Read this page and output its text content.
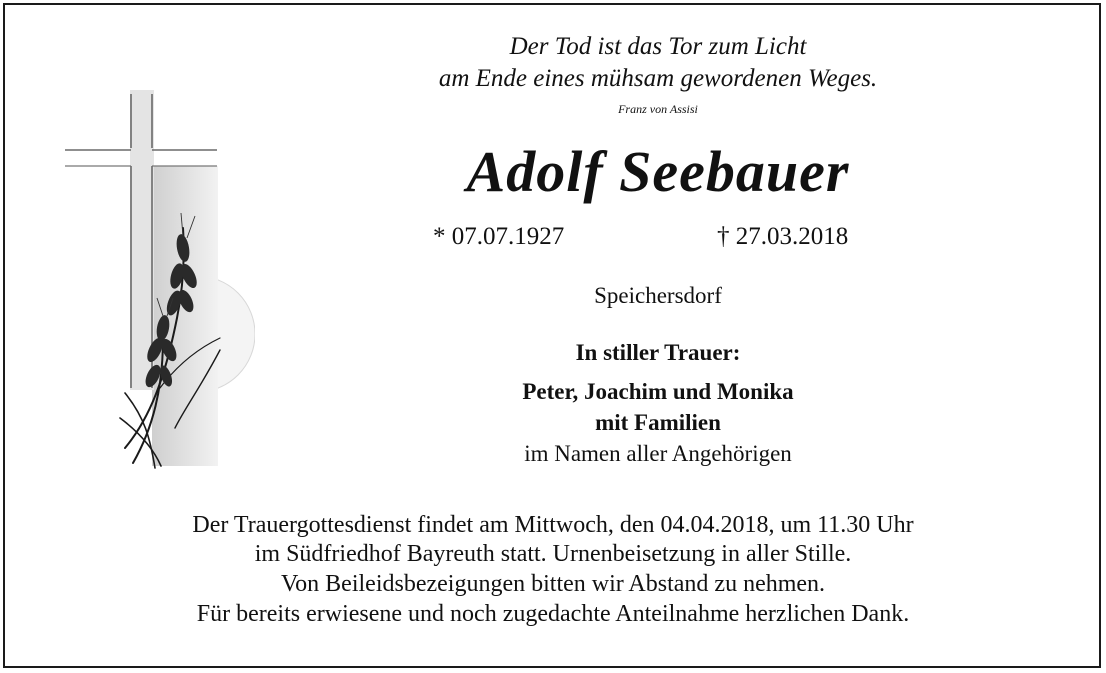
Der Tod ist das Tor zum Licht
am Ende eines mühsam gewordenen Weges.
Franz von Assisi
Adolf Seebauer
* 07.07.1927	† 27.03.2018
Speichersdorf
In stiller Trauer:
Peter, Joachim und Monika
mit Familien
im Namen aller Angehörigen
Der Trauergottesdienst findet am Mittwoch, den 04.04.2018, um 11.30 Uhr
im Südfriedhof Bayreuth statt. Urnenbeisetzung in aller Stille.
Von Beileidsbezeigungen bitten wir Abstand zu nehmen.
Für bereits erwiesene und noch zugedachte Anteilnahme herzlichen Dank.
